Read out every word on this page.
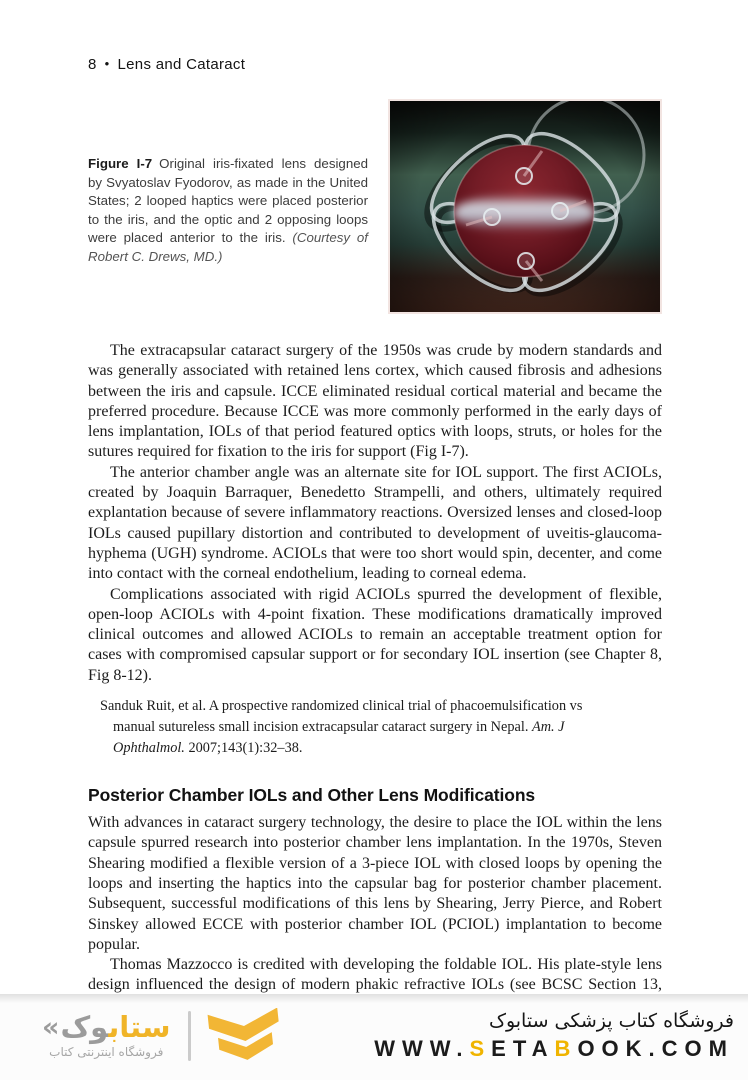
8 • Lens and Cataract
Figure I-7 Original iris-fixated lens designed by Svyatoslav Fyodorov, as made in the United States; 2 looped haptics were placed posterior to the iris, and the optic and 2 opposing loops were placed anterior to the iris. (Courtesy of Robert C. Drews, MD.)

The extracapsular cataract surgery of the 1950s was crude by modern standards and was generally associated with retained lens cortex, which caused fibrosis and adhesions between the iris and capsule. ICCE eliminated residual cortical material and became the preferred procedure. Because ICCE was more commonly performed in the early days of lens implantation, IOLs of that period featured optics with loops, struts, or holes for the sutures required for fixation to the iris for support (Fig I-7).

The anterior chamber angle was an alternate site for IOL support. The first ACIOLs, created by Joaquin Barraquer, Benedetto Strampelli, and others, ultimately required explantation because of severe inflammatory reactions. Oversized lenses and closed-loop IOLs caused pupillary distortion and contributed to development of uveitis-glaucoma-hyphema (UGH) syndrome. ACIOLs that were too short would spin, decenter, and come into contact with the corneal endothelium, leading to corneal edema.

Complications associated with rigid ACIOLs spurred the development of flexible, open-loop ACIOLs with 4-point fixation. These modifications dramatically improved clinical outcomes and allowed ACIOLs to remain an acceptable treatment option for cases with compromised capsular support or for secondary IOL insertion (see Chapter 8, Fig 8-12).

Sanduk Ruit, et al. A prospective randomized clinical trial of phacoemulsification vs manual sutureless small incision extracapsular cataract surgery in Nepal. Am. J Ophthalmol. 2007;143(1):32–38.
Posterior Chamber IOLs and Other Lens Modifications

With advances in cataract surgery technology, the desire to place the IOL within the lens capsule spurred research into posterior chamber lens implantation. In the 1970s, Steven Shearing modified a flexible version of a 3-piece IOL with closed loops by opening the loops and inserting the haptics into the capsular bag for posterior chamber placement. Subsequent, successful modifications of this lens by Shearing, Jerry Pierce, and Robert Sinskey allowed ECCE with posterior chamber IOL (PCIOL) implantation to become popular.

Thomas Mazzocco is credited with developing the foldable IOL. His plate-style lens design influenced the design of modern phakic refractive IOLs (see BCSC Section 13,

«	ستابوک
فروشگاه اینترنتی کتاب
فروشگاه کتاب پزشکی ستابوک
WWW.SETABOOK.COM
